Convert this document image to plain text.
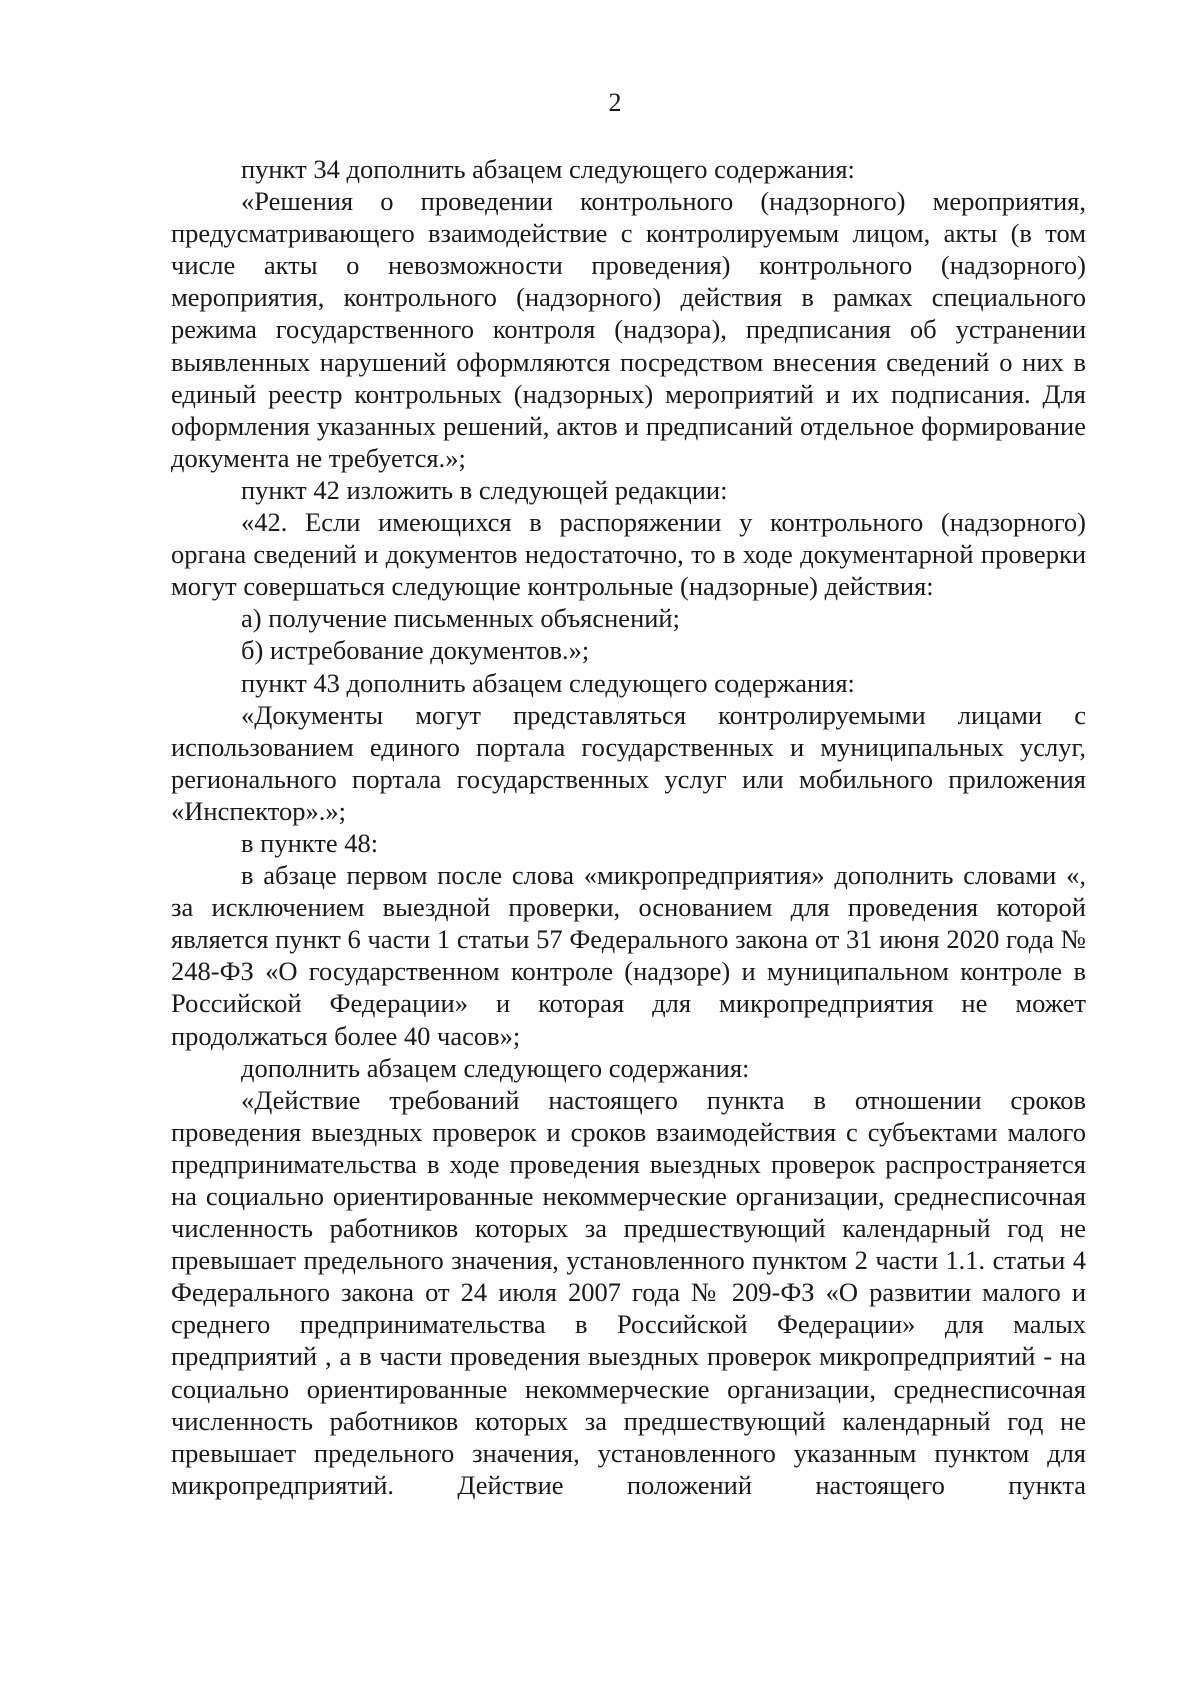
2

пункт 34 дополнить абзацем следующего содержания:

«Решения о проведении контрольного (надзорного) мероприятия, предусматривающего взаимодействие с контролируемым лицом, акты (в том числе акты о невозможности проведения) контрольного (надзорного) мероприятия, контрольного (надзорного) действия в рамках специального режима государственного контроля (надзора), предписания об устранении выявленных нарушений оформляются посредством внесения сведений о них в единый реестр контрольных (надзорных) мероприятий и их подписания. Для оформления указанных решений, актов и предписаний отдельное формирование документа не требуется.»;

пункт 42 изложить в следующей редакции:

«42. Если имеющихся в распоряжении у контрольного (надзорного) органа сведений и документов недостаточно, то в ходе документарной проверки могут совершаться следующие контрольные (надзорные) действия:

а) получение письменных объяснений;

б) истребование документов.»;

пункт 43 дополнить абзацем следующего содержания:

«Документы могут представляться контролируемыми лицами с использованием единого портала государственных и муниципальных услуг, регионального портала государственных услуг или мобильного приложения «Инспектор».»;

в пункте 48:

в абзаце первом после слова «микропредприятия» дополнить словами «, за исключением выездной проверки, основанием для проведения которой является пункт 6 части 1 статьи 57 Федерального закона от 31 июня 2020 года № 248-ФЗ «О государственном контроле (надзоре) и муниципальном контроле в Российской Федерации» и которая для микропредприятия не может продолжаться более 40 часов»;

дополнить абзацем следующего содержания:

«Действие требований настоящего пункта в отношении сроков проведения выездных проверок и сроков взаимодействия с субъектами малого предпринимательства в ходе проведения выездных проверок распространяется на социально ориентированные некоммерческие организации, среднесписочная численность работников которых за предшествующий календарный год не превышает предельного значения, установленного пунктом 2 части 1.1. статьи 4 Федерального закона от 24 июля 2007 года № 209-ФЗ «О развитии малого и среднего предпринимательства в Российской Федерации» для малых предприятий , а в части проведения выездных проверок микропредприятий - на социально ориентированные некоммерческие организации, среднесписочная численность работников которых за предшествующий календарный год не превышает предельного значения, установленного указанным пунктом для микропредприятий. Действие положений настоящего пункта
